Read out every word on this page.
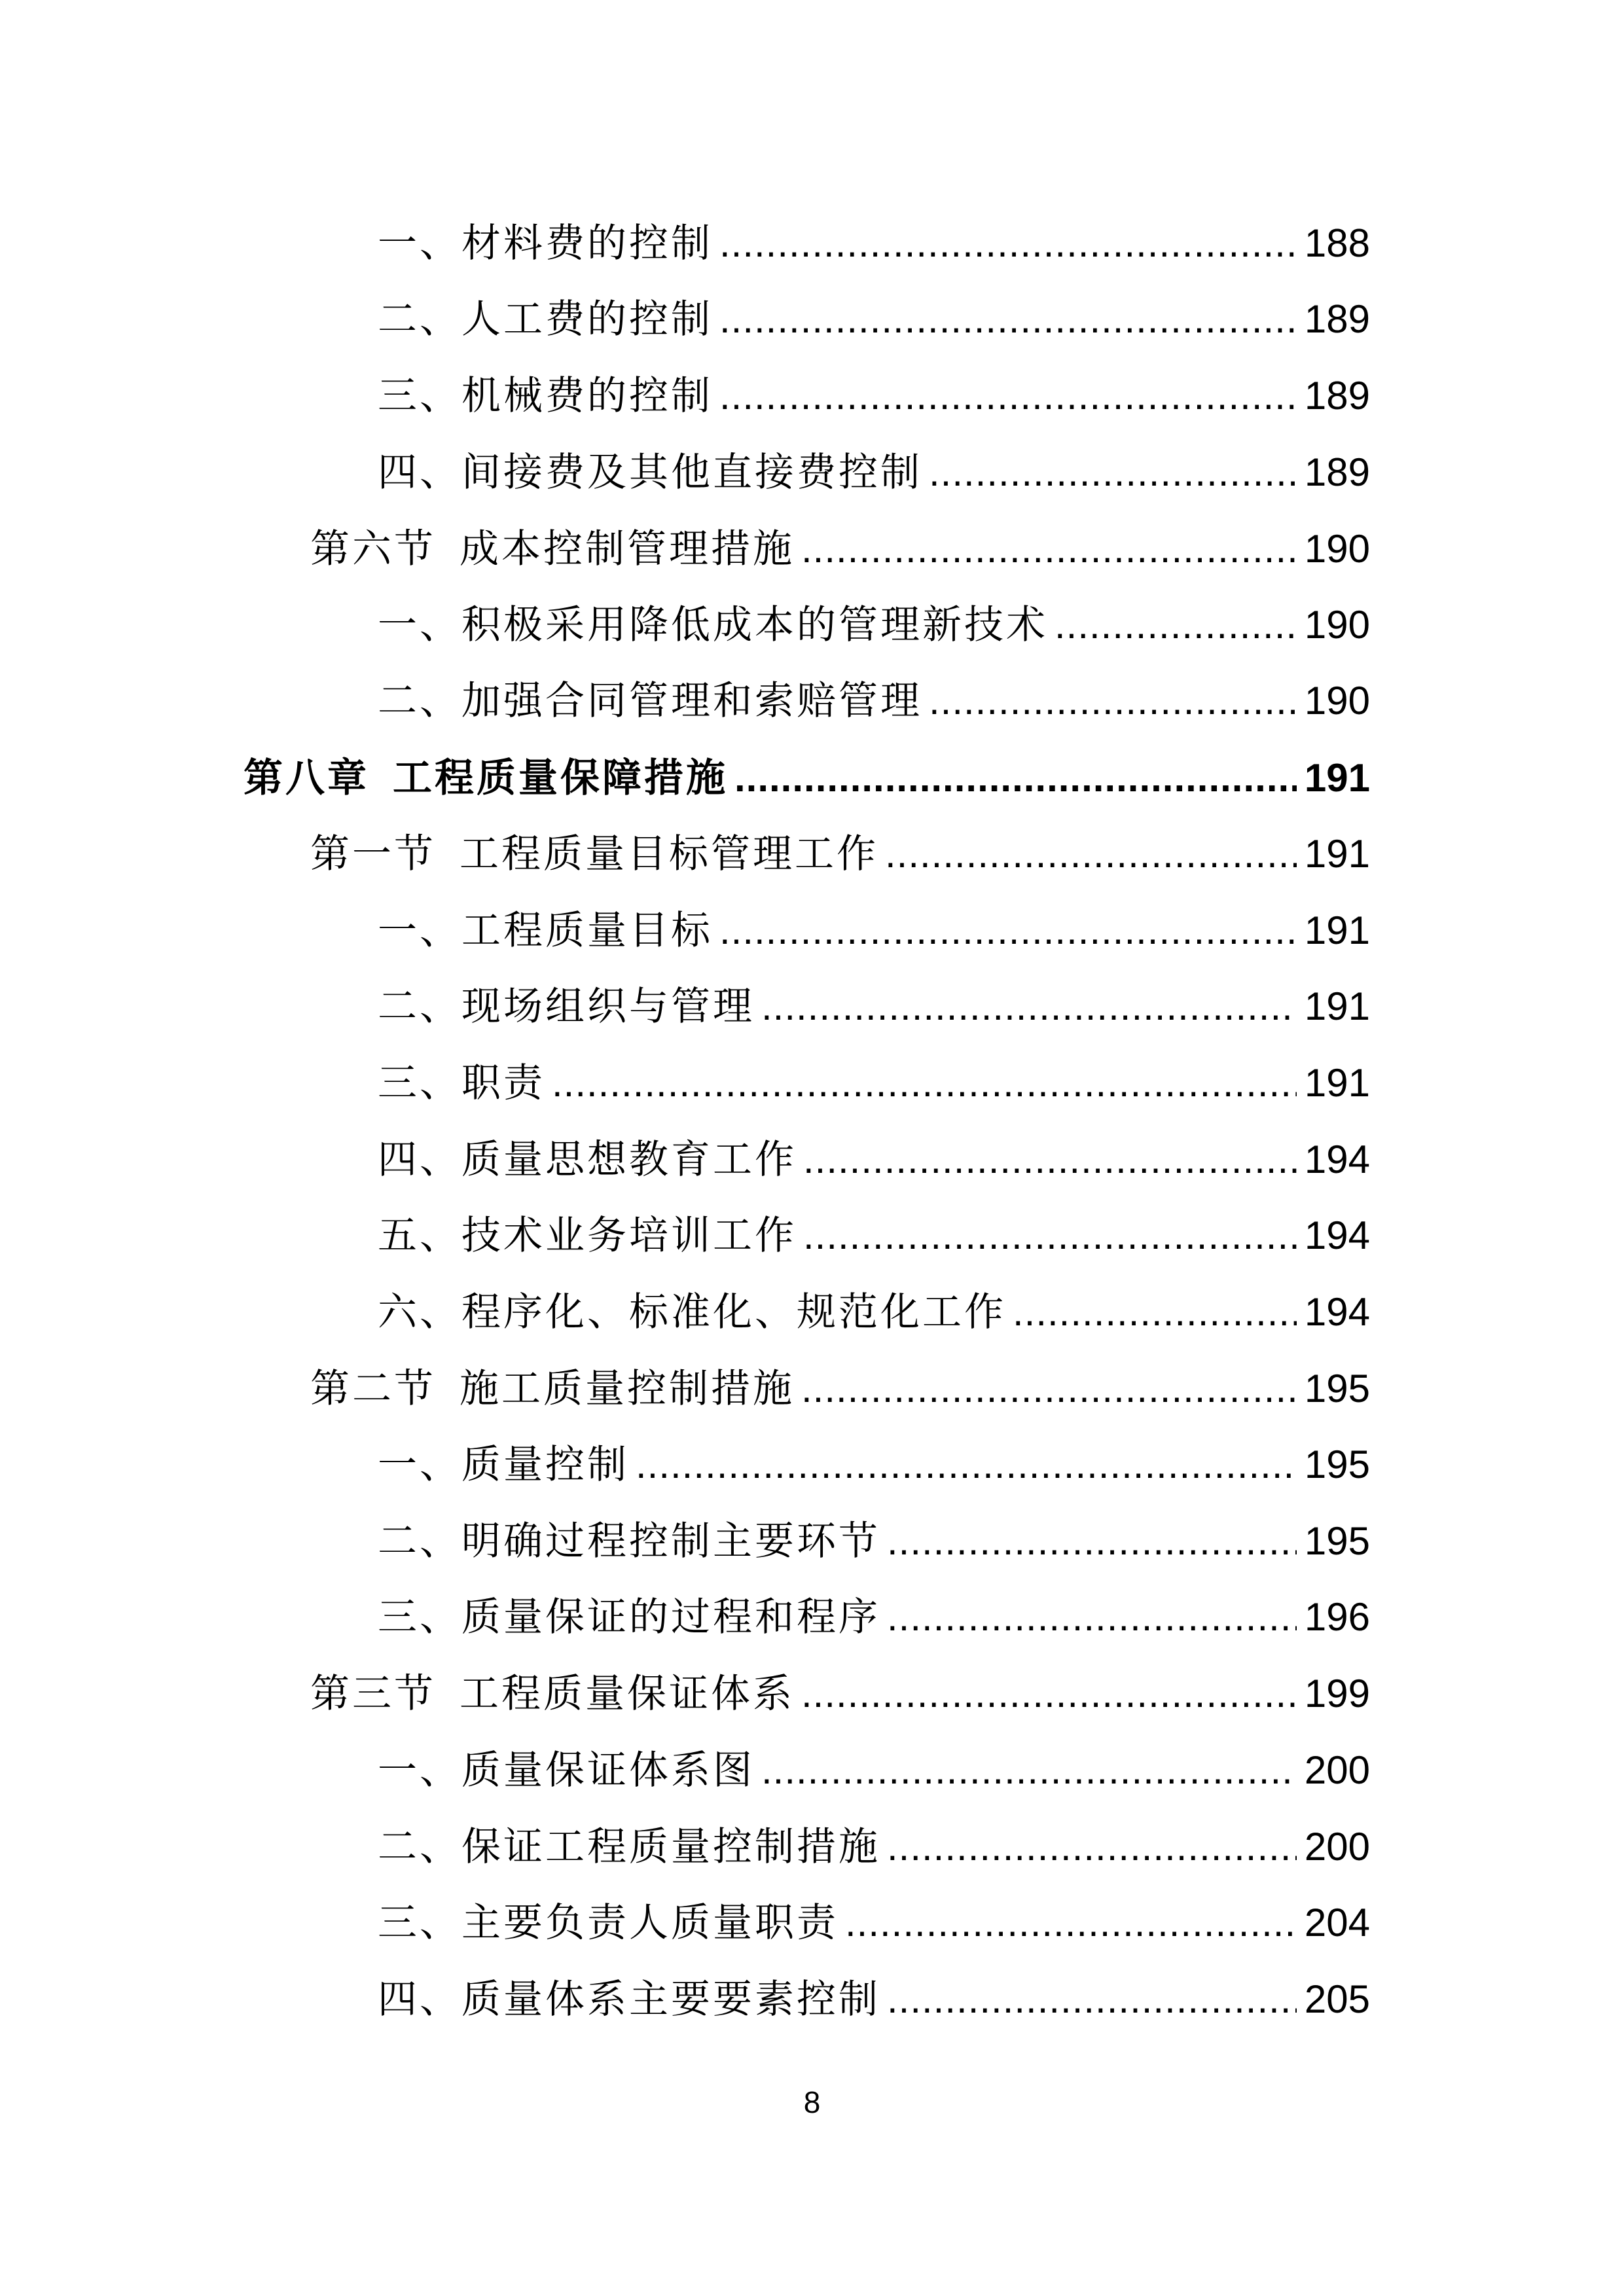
一、材料费的控制 .....	188
二、人工费的控制 .....	189
三、机械费的控制 .....	189
四、间接费及其他直接费控制 .....	189
第六节 成本控制管理措施 .....	190
一、积极采用降低成本的管理新技术 .....	190
二、加强合同管理和索赔管理 .....	190
第八章 工程质量保障措施 .....	191
第一节 工程质量目标管理工作 .....	191
一、工程质量目标 .....	191
二、现场组织与管理 .....	191
三、职责 .....	191
四、质量思想教育工作 .....	194
五、技术业务培训工作 .....	194
六、程序化、标准化、规范化工作 .....	194
第二节 施工质量控制措施 .....	195
一、质量控制 .....	195
二、明确过程控制主要环节 .....	195
三、质量保证的过程和程序 .....	196
第三节 工程质量保证体系 .....	199
一、质量保证体系图 .....	200
二、保证工程质量控制措施 .....	200
三、主要负责人质量职责 .....	204
四、质量体系主要要素控制 .....	205
8
